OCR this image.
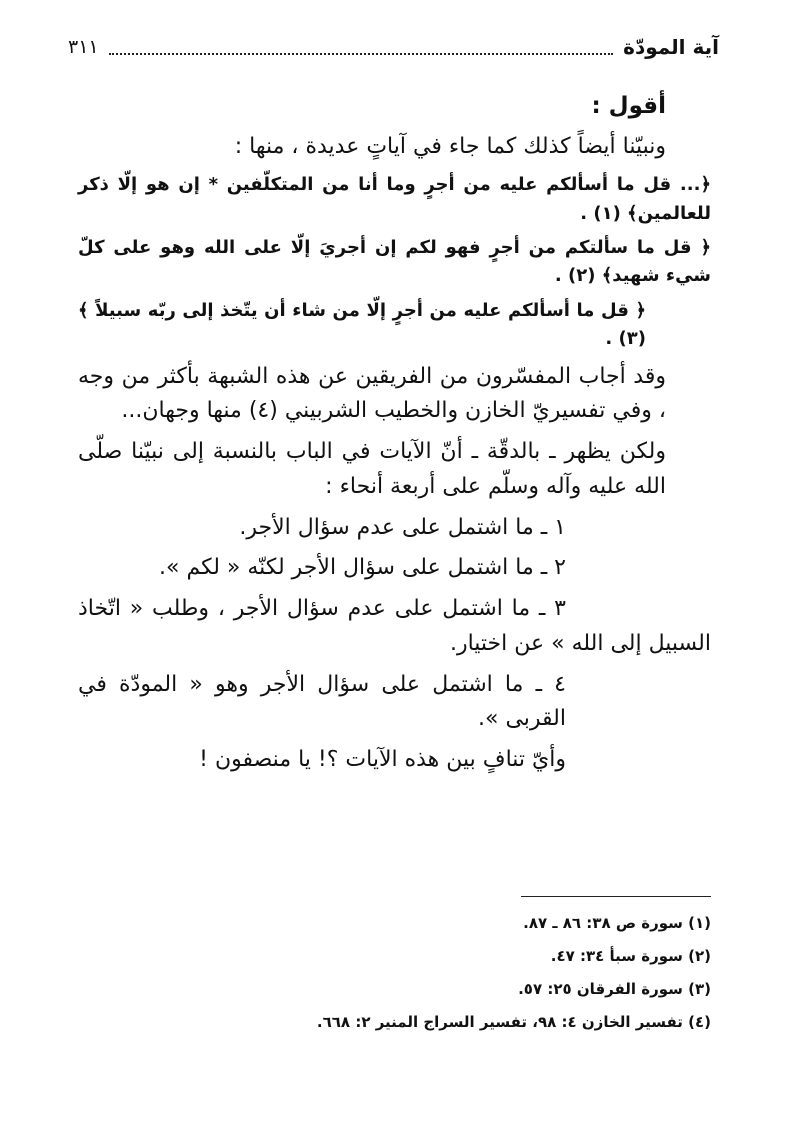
آية المودّة
٣١١

أقول :

ونبيّنا أيضاً كذلك كما جاء في آياتٍ عديدة ، منها :

﴿... قل ما أسألكم عليه من أجرٍ وما أنا من المتكلّفين * إن هو إلّا ذكر للعالمين﴾ (١) .

﴿ قل ما سألتكم من أجرٍ فهو لكم إن أجريَ إلّا على الله وهو على كلّ شيء شهيد﴾ (٢) .

﴿ قل ما أسألكم عليه من أجرٍ إلّا من شاء أن يتّخذ إلى ربّه سبيلاً ﴾ (٣) .

وقد أجاب المفسّرون من الفريقين عن هذه الشبهة بأكثر من وجه ، وفي تفسيريّ الخازن والخطيب الشربيني (٤) منها وجهان...

ولكن يظهر ـ بالدقّة ـ أنّ الآيات في الباب بالنسبة إلى نبيّنا صلّى الله عليه وآله وسلّم على أربعة أنحاء :

١ ـ ما اشتمل على عدم سؤال الأجر.

٢ ـ ما اشتمل على سؤال الأجر لكنّه « لكم ».

٣ ـ ما اشتمل على عدم سؤال الأجر ، وطلب « اتّخاذ السبيل إلى الله » عن اختيار.

٤ ـ ما اشتمل على سؤال الأجر وهو « المودّة في القربى ».

وأيّ تنافٍ بين هذه الآيات ؟! يا منصفون !

(١) سورة ص ٣٨: ٨٦ ـ ٨٧.
(٢) سورة سبأ ٣٤: ٤٧.
(٣) سورة الفرقان ٢٥: ٥٧.
(٤) تفسير الخازن ٤: ٩٨، تفسير السراج المنير ٢: ٦٦٨.
